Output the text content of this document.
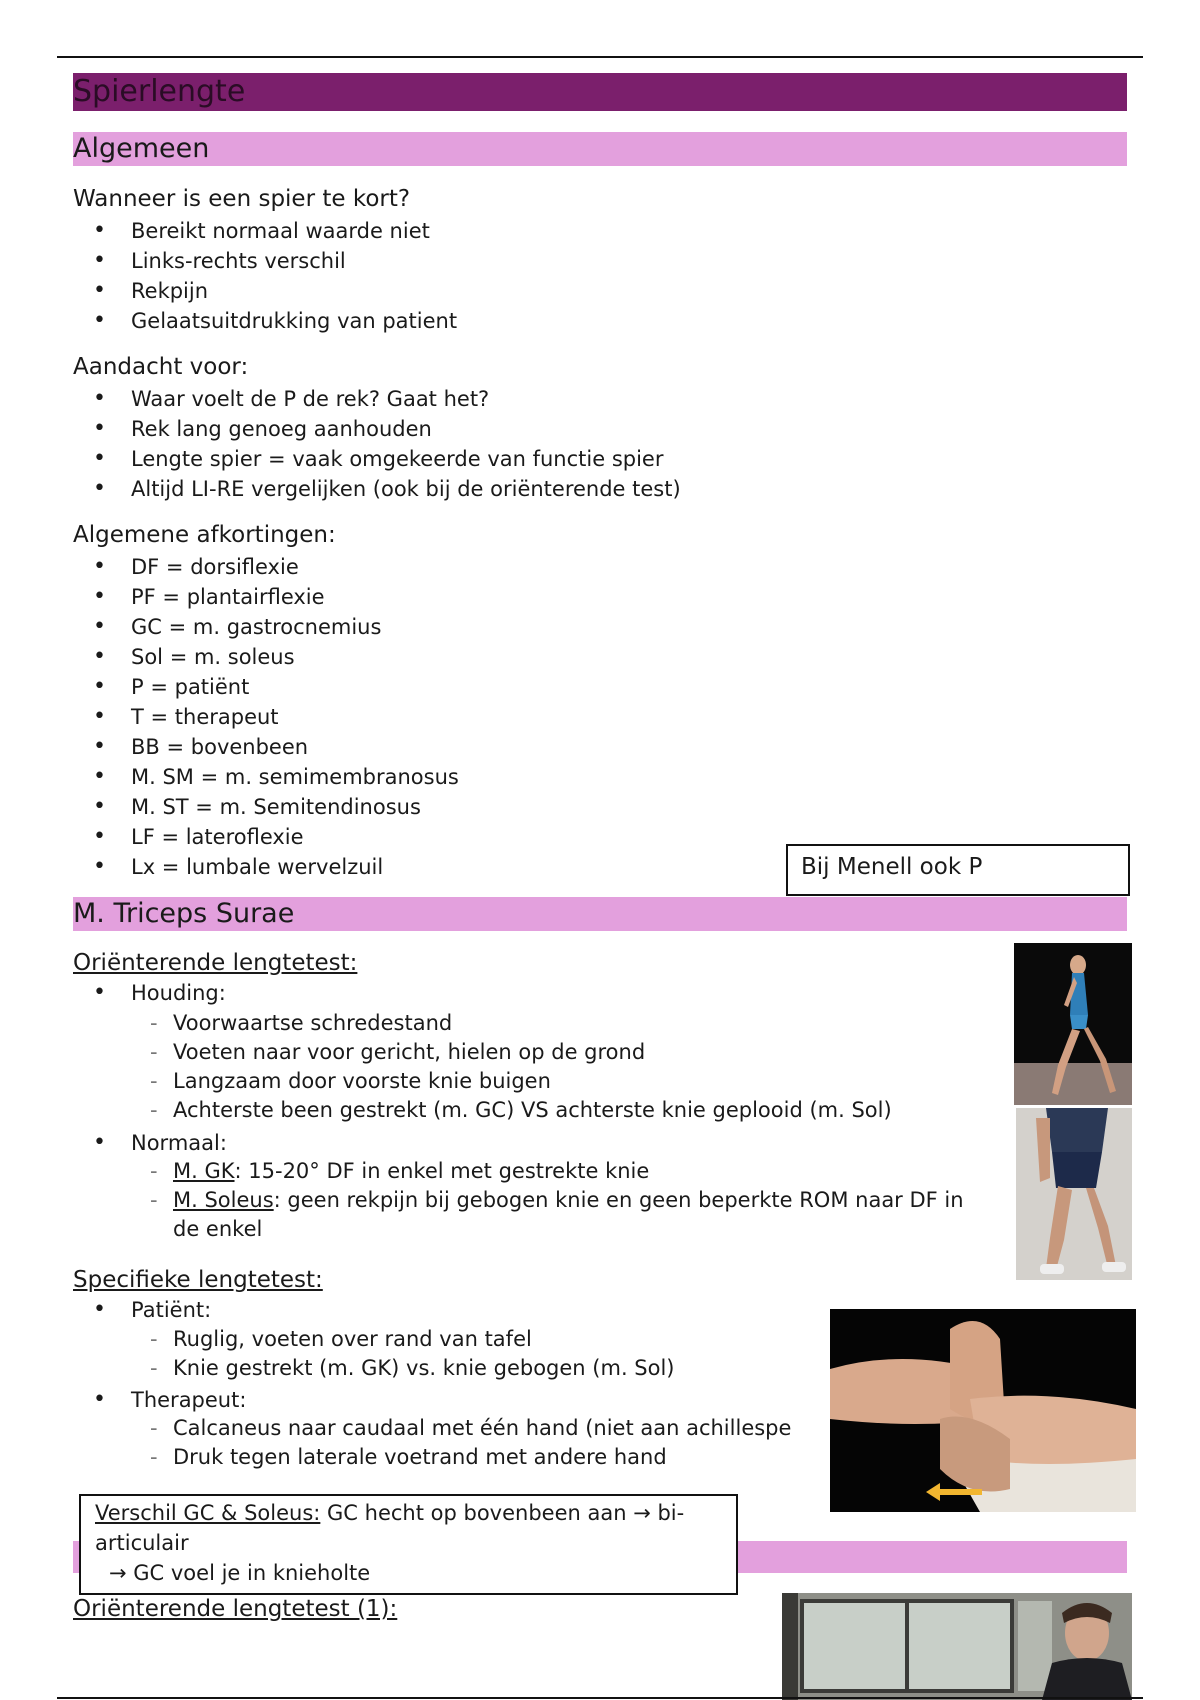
Spierlengte
Algemeen
Wanneer is een spier te kort?
• Bereikt normaal waarde niet
• Links-rechts verschil
• Rekpijn
• Gelaatsuitdrukking van patient
Aandacht voor:
• Waar voelt de P de rek? Gaat het?
• Rek lang genoeg aanhouden
• Lengte spier = vaak omgekeerde van functie spier
• Altijd LI-RE vergelijken (ook bij de oriënterende test)
Algemene afkortingen:
• DF = dorsiflexie
• PF = plantairflexie
• GC = m. gastrocnemius
• Sol = m. soleus
• P = patiënt
• T = therapeut
• BB = bovenbeen
• M. SM = m. semimembranosus
• M. ST = m. Semitendinosus
• LF = lateroflexie
• Lx = lumbale wervelzuil	Bij Menell ook P
M. Triceps Surae
Oriënterende lengtetest:
• Houding:
- Voorwaartse schredestand
- Voeten naar voor gericht, hielen op de grond
- Langzaam door voorste knie buigen
- Achterste been gestrekt (m. GC) VS achterste knie geplooid (m. Sol)
• Normaal:
- M. GK: 15-20° DF in enkel met gestrekte knie
- M. Soleus: geen rekpijn bij gebogen knie en geen beperkte ROM naar DF in de enkel
Specifieke lengtetest:
• Patiënt:
- Ruglig, voeten over rand van tafel
- Knie gestrekt (m. GK) vs. knie gebogen (m. Sol)
• Therapeut:
- Calcaneus naar caudaal met één hand (niet aan achillespe
- Druk tegen laterale voetrand met andere hand
Verschil GC & Soleus: GC hecht op bovenbeen aan → bi-articulair
→ GC voel je in knieholte
Oriënterende lengtetest (1):
